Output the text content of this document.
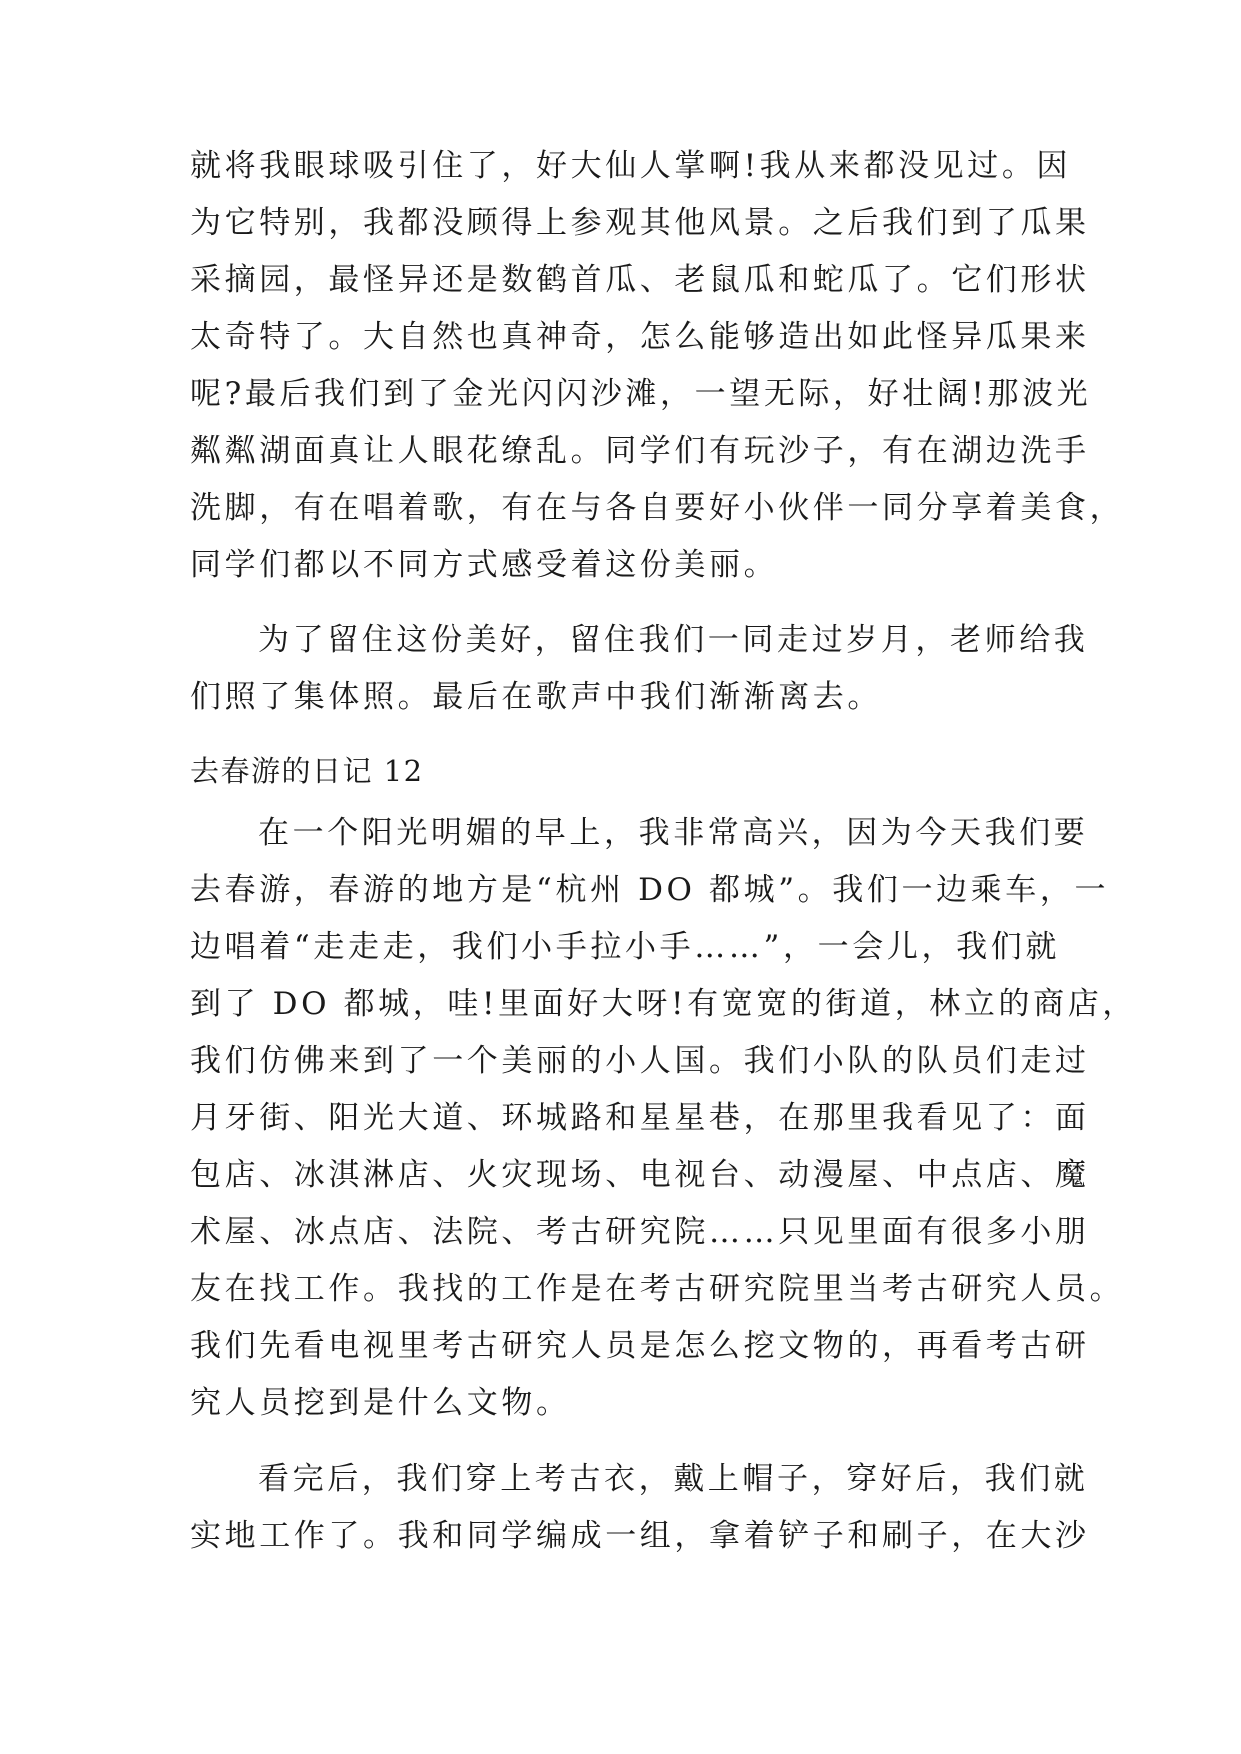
就将我眼球吸引住了，好大仙人掌啊!我从来都没见过。因
为它特别，我都没顾得上参观其他风景。之后我们到了瓜果
采摘园，最怪异还是数鹤首瓜、老鼠瓜和蛇瓜了。它们形状
太奇特了。大自然也真神奇，怎么能够造出如此怪异瓜果来
呢?最后我们到了金光闪闪沙滩，一望无际，好壮阔!那波光
粼粼湖面真让人眼花缭乱。同学们有玩沙子，有在湖边洗手
洗脚，有在唱着歌，有在与各自要好小伙伴一同分享着美食，
同学们都以不同方式感受着这份美丽。
为了留住这份美好，留住我们一同走过岁月，老师给我
们照了集体照。最后在歌声中我们渐渐离去。
去春游的日记 12
在一个阳光明媚的早上，我非常高兴，因为今天我们要
去春游，春游的地方是“杭州 DO 都城”。我们一边乘车，一
边唱着“走走走，我们小手拉小手……”，一会儿，我们就
到了 DO 都城，哇!里面好大呀!有宽宽的街道，林立的商店，
我们仿佛来到了一个美丽的小人国。我们小队的队员们走过
月牙街、阳光大道、环城路和星星巷，在那里我看见了：面
包店、冰淇淋店、火灾现场、电视台、动漫屋、中点店、魔
术屋、冰点店、法院、考古研究院……只见里面有很多小朋
友在找工作。我找的工作是在考古研究院里当考古研究人员。
我们先看电视里考古研究人员是怎么挖文物的，再看考古研
究人员挖到是什么文物。
看完后，我们穿上考古衣，戴上帽子，穿好后，我们就
实地工作了。我和同学编成一组，拿着铲子和刷子，在大沙
